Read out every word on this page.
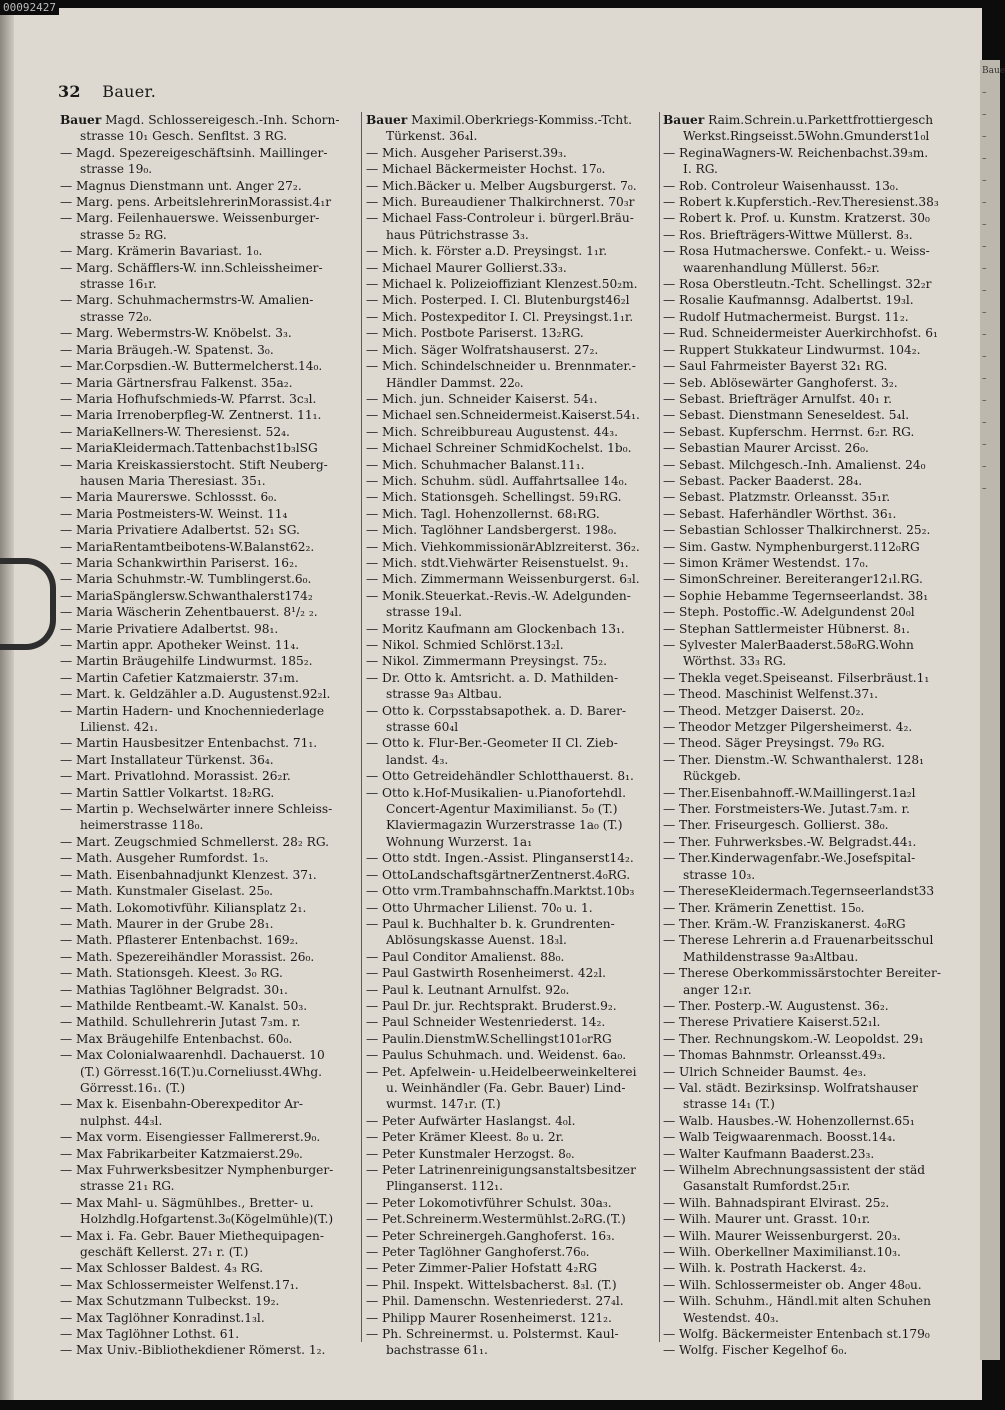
32 Bauer.
Bauer Magd. Schlossereigesch.-Inh. Schorn-
strasse 10₁ Gesch. Senfltst. 3 RG.
— Magd. Spezereigeschäftsinh. Maillinger-
strasse 19₀.
— Magnus Dienstmann unt. Anger 27₂.
— Marg. pens. ArbeitslehrerinMorassist.4₁r
— Marg. Feilenhauerswe. Weissenburger-
strasse 5₂ RG.
— Marg. Krämerin Bavariast. 1₀.
— Marg. Schäfflers-W. inn.Schleissheimer-
strasse 16₁r.
— Marg. Schuhmachermstrs-W. Amalien-
strasse 72₀.
— Marg. Webermstrs-W. Knöbelst. 3₃.
— Maria Bräugeh.-W. Spatenst. 3₀.
— Mar.Corpsdien.-W. Buttermelcherst.14₀.
— Maria Gärtnersfrau Falkenst. 35a₂.
— Maria Hofhufschmieds-W. Pfarrst. 3c₃l.
— Maria Irrenoberpfleg-W. Zentnerst. 11₁.
— MariaKellners-W. Theresienst. 52₄.
— MariaKleidermach.Tattenbachst1b₃lSG
— Maria Kreiskassierstocht. Stift Neuberg-
hausen Maria Theresiast. 35₁.
— Maria Maurerswe. Schlossst. 6₀.
— Maria Postmeisters-W. Weinst. 11₄
— Maria Privatiere Adalbertst. 52₁ SG.
— MariaRentamtbeibotens-W.Balanst62₂.
— Maria Schankwirthin Pariserst. 16₂.
— Maria Schuhmstr.-W. Tumblingerst.6₀.
— MariaSpänglersw.Schwanthalerst174₂
— Maria Wäscherin Zehentbauerst. 8¹/₂ ₂.
— Marie Privatiere Adalbertst. 98₁.
— Martin appr. Apotheker Weinst. 11₄.
— Martin Bräugehilfe Lindwurmst. 185₂.
— Martin Cafetier Katzmaierstr. 37₁m.
— Mart. k. Geldzähler a.D. Augustenst.92₂l.
— Martin Hadern- und Knochenniederlage
Lilienst. 42₁.
— Martin Hausbesitzer Entenbachst. 71₁.
— Mart Installateur Türkenst. 36₄.
— Mart. Privatlohnd. Morassist. 26₂r.
— Martin Sattler Volkartst. 18₂RG.
— Martin p. Wechselwärter innere Schleiss-
heimerstrasse 118₀.
— Mart. Zeugschmied Schmellerst. 28₂ RG.
— Math. Ausgeher Rumfordst. 1₅.
— Math. Eisenbahnadjunkt Klenzest. 37₁.
— Math. Kunstmaler Giselast. 25₀.
— Math. Lokomotivführ. Kiliansplatz 2₁.
— Math. Maurer in der Grube 28₁.
— Math. Pflasterer Entenbachst. 169₂.
— Math. Spezereihändler Morassist. 26₀.
— Math. Stationsgeh. Kleest. 3₀ RG.
— Mathias Taglöhner Belgradst. 30₁.
— Mathilde Rentbeamt.-W. Kanalst. 50₃.
— Mathild. Schullehrerin Jutast 7₃m. r.
— Max Bräugehilfe Entenbachst. 60₀.
— Max Colonialwaarenhdl. Dachauerst. 10
(T.) Görresst.16(T.)u.Corneliusst.4Whg.
Görresst.16₁. (T.)
— Max k. Eisenbahn-Oberexpeditor Ar-
nulphst. 44₃l.
— Max vorm. Eisengiesser Fallmererst.9₀.
— Max Fabrikarbeiter Katzmaierst.29₀.
— Max Fuhrwerksbesitzer Nymphenburger-
strasse 21₁ RG.
— Max Mahl- u. Sägmühlbes., Bretter- u.
Holzhdlg.Hofgartenst.3₀(Kögelmühle)(T.)
— Max i. Fa. Gebr. Bauer Miethequipagen-
geschäft Kellerst. 27₁ r. (T.)
— Max Schlosser Baldest. 4₃ RG.
— Max Schlossermeister Welfenst.17₁.
— Max Schutzmann Tulbeckst. 19₂.
— Max Taglöhner Konradinst.1₃l.
— Max Taglöhner Lothst. 61.
— Max Univ.-Bibliothekdiener Römerst. 1₂.
Bauer Maximil.Oberkriegs-Kommiss.-Tcht.
Türkenst. 36₄l.
— Mich. Ausgeher Pariserst.39₃.
— Michael Bäckermeister Hochst. 17₀.
— Mich.Bäcker u. Melber Augsburgerst. 7₀.
— Mich. Bureaudiener Thalkirchnerst. 70₃r
— Michael Fass-Controleur i. bürgerl.Bräu-
haus Pütrichstrasse 3₃.
— Mich. k. Förster a.D. Preysingst. 1₁r.
— Michael Maurer Gollierst.33₃.
— Michael k. Polizeioffiziant Klenzest.50₂m.
— Mich. Posterped. I. Cl. Blutenburgst46₂l
— Mich. Postexpeditor I. Cl. Preysingst.1₁r.
— Mich. Postbote Pariserst. 13₂RG.
— Mich. Säger Wolfratshauserst. 27₂.
— Mich. Schindelschneider u. Brennmater.-
Händler Dammst. 22₀.
— Mich. jun. Schneider Kaiserst. 54₁.
— Michael sen.Schneidermeist.Kaiserst.54₁.
— Mich. Schreibbureau Augustenst. 44₃.
— Michael Schreiner SchmidKochelst. 1b₀.
— Mich. Schuhmacher Balanst.11₁.
— Mich. Schuhm. südl. Auffahrtsallee 14₀.
— Mich. Stationsgeh. Schellingst. 59₁RG.
— Mich. Tagl. Hohenzollernst. 68₁RG.
— Mich. Taglöhner Landsbergerst. 198₀.
— Mich. ViehkommissionärAblzreiterst. 36₂.
— Mich. stdt.Viehwärter Reisenstuelst. 9₁.
— Mich. Zimmermann Weissenburgerst. 6₃l.
— Monik.Steuerkat.-Revis.-W. Adelgunden-
strasse 19₄l.
— Moritz Kaufmann am Glockenbach 13₁.
— Nikol. Schmied Schlörst.13₂l.
— Nikol. Zimmermann Preysingst. 75₂.
— Dr. Otto k. Amtsricht. a. D. Mathilden-
strasse 9a₃ Altbau.
— Otto k. Corpsstabsapothek. a. D. Barer-
strasse 60₄l
— Otto k. Flur-Ber.-Geometer II Cl. Zieb-
landst. 4₃.
— Otto Getreidehändler Schlotthauerst. 8₁.
— Otto k.Hof-Musikalien- u.Pianofortehdl.
Concert-Agentur Maximilianst. 5₀ (T.)
Klaviermagazin Wurzerstrasse 1a₀ (T.)
Wohnung Wurzerst. 1a₁
— Otto stdt. Ingen.-Assist. Plinganserst14₂.
— OttoLandschaftsgärtnerZentnerst.4₀RG.
— Otto vrm.Trambahnschaffn.Marktst.10b₃
— Otto Uhrmacher Lilienst. 70₀ u. 1.
— Paul k. Buchhalter b. k. Grundrenten-
Ablösungskasse Auenst. 18₃l.
— Paul Conditor Amalienst. 88₀.
— Paul Gastwirth Rosenheimerst. 42₂l.
— Paul k. Leutnant Arnulfst. 92₀.
— Paul Dr. jur. Rechtsprakt. Bruderst.9₂.
— Paul Schneider Westenriederst. 14₂.
— Paulin.DienstmW.Schellingst101₀rRG
— Paulus Schuhmach. und. Weidenst. 6a₀.
— Pet. Apfelwein- u.Heidelbeerweinkelterei
u. Weinhändler (Fa. Gebr. Bauer) Lind-
wurmst. 147₁r. (T.)
— Peter Aufwärter Haslangst. 4₀l.
— Peter Krämer Kleest. 8₀ u. 2r.
— Peter Kunstmaler Herzogst. 8₀.
— Peter Latrinenreinigungsanstaltsbesitzer
Plinganserst. 112₁.
— Peter Lokomotivführer Schulst. 30a₃.
— Pet.Schreinerm.Westermühlst.2₀RG.(T.)
— Peter Schreinergeh.Ganghoferst. 16₃.
— Peter Taglöhner Ganghoferst.76₀.
— Peter Zimmer-Palier Hofstatt 4₂RG
— Phil. Inspekt. Wittelsbacherst. 8₃l. (T.)
— Phil. Damenschn. Westenriederst. 27₄l.
— Philipp Maurer Rosenheimerst. 121₂.
— Ph. Schreinermst. u. Polstermst. Kaul-
bachstrasse 61₁.
Bauer Raim.Schrein.u.Parkettfrottiergesch
Werkst.Ringseisst.5Wohn.Gmunderst1₀l
— ReginaWagners-W. Reichenbachst.39₃m.
I. RG.
— Rob. Controleur Waisenhausst. 13₀.
— Robert k.Kupferstich.-Rev.Theresienst.38₃
— Robert k. Prof. u. Kunstm. Kratzerst. 30₀
— Ros. Briefträgers-Wittwe Müllerst. 8₃.
— Rosa Hutmacherswe. Confekt.- u. Weiss-
waarenhandlung Müllerst. 56₂r.
— Rosa Oberstleutn.-Tcht. Schellingst. 32₂r
— Rosalie Kaufmannsg. Adalbertst. 19₃l.
— Rudolf Hutmachermeist. Burgst. 11₂.
— Rud. Schneidermeister Auerkirchhofst. 6₁
— Ruppert Stukkateur Lindwurmst. 104₂.
— Saul Fahrmeister Bayerst 32₁ RG.
— Seb. Ablösewärter Ganghoferst. 3₂.
— Sebast. Briefträger Arnulfst. 40₁ r.
— Sebast. Dienstmann Seneseldest. 5₄l.
— Sebast. Kupferschm. Herrnst. 6₂r. RG.
— Sebastian Maurer Arcisst. 26₀.
— Sebast. Milchgesch.-Inh. Amalienst. 24₀
— Sebast. Packer Baaderst. 28₄.
— Sebast. Platzmstr. Orleansst. 35₁r.
— Sebast. Haferhändler Wörthst. 36₁.
— Sebastian Schlosser Thalkirchnerst. 25₂.
— Sim. Gastw. Nymphenburgerst.112₀RG
— Simon Krämer Westendst. 17₀.
— SimonSchreiner. Bereiteranger12₁l.RG.
— Sophie Hebamme Tegernseerlandst. 38₁
— Steph. Postoffic.-W. Adelgundenst 20₀l
— Stephan Sattlermeister Hübnerst. 8₁.
— Sylvester MalerBaaderst.58₀RG.Wohn
Wörthst. 33₃ RG.
— Thekla veget.Speiseanst. Filserbräust.1₁
— Theod. Maschinist Welfenst.37₁.
— Theod. Metzger Daiserst. 20₂.
— Theodor Metzger Pilgersheimerst. 4₂.
— Theod. Säger Preysingst. 79₀ RG.
— Ther. Dienstm.-W. Schwanthalerst. 128₁
Rückgeb.
— Ther.Eisenbahnoff.-W.Maillingerst.1a₂l
— Ther. Forstmeisters-We. Jutast.7₃m. r.
— Ther. Friseurgesch. Gollierst. 38₀.
— Ther. Fuhrwerksbes.-W. Belgradst.44₁.
— Ther.Kinderwagenfabr.-We.Josefspital-
strasse 10₃.
— ThereseKleidermach.Tegernseerlandst33
— Ther. Krämerin Zenettist. 15₀.
— Ther. Kräm.-W. Franziskanerst. 4₀RG
— Therese Lehrerin a.d Frauenarbeitsschul
Mathildenstrasse 9a₃Altbau.
— Therese Oberkommissärstochter Bereiter-
anger 12₁r.
— Ther. Posterp.-W. Augustenst. 36₂.
— Therese Privatiere Kaiserst.52₁l.
— Ther. Rechnungskom.-W. Leopoldst. 29₁
— Thomas Bahnmstr. Orleansst.49₃.
— Ulrich Schneider Baumst. 4e₃.
— Val. städt. Bezirksinsp. Wolfratshauser
strasse 14₁ (T.)
— Walb. Hausbes.-W. Hohenzollernst.65₁
— Walb Teigwaarenmach. Boosst.14₄.
— Walter Kaufmann Baaderst.23₃.
— Wilhelm Abrechnungsassistent der städ
Gasanstalt Rumfordst.25₁r.
— Wilh. Bahnadspirant Elvirast. 25₂.
— Wilh. Maurer unt. Grasst. 10₁r.
— Wilh. Maurer Weissenburgerst. 20₃.
— Wilh. Oberkellner Maximilianst.10₃.
— Wilh. k. Postrath Hackerst. 4₂.
— Wilh. Schlossermeister ob. Anger 48₀u.
— Wilh. Schuhm., Händl.mit alten Schuhen
Westendst. 40₃.
— Wolfg. Bäckermeister Entenbach st.179₀
— Wolfg. Fischer Kegelhof 6₀.
00092427
Baue
–
–
–
–
–
–
–
–
–
–
–
–
–
–
–
–
–
–
–
